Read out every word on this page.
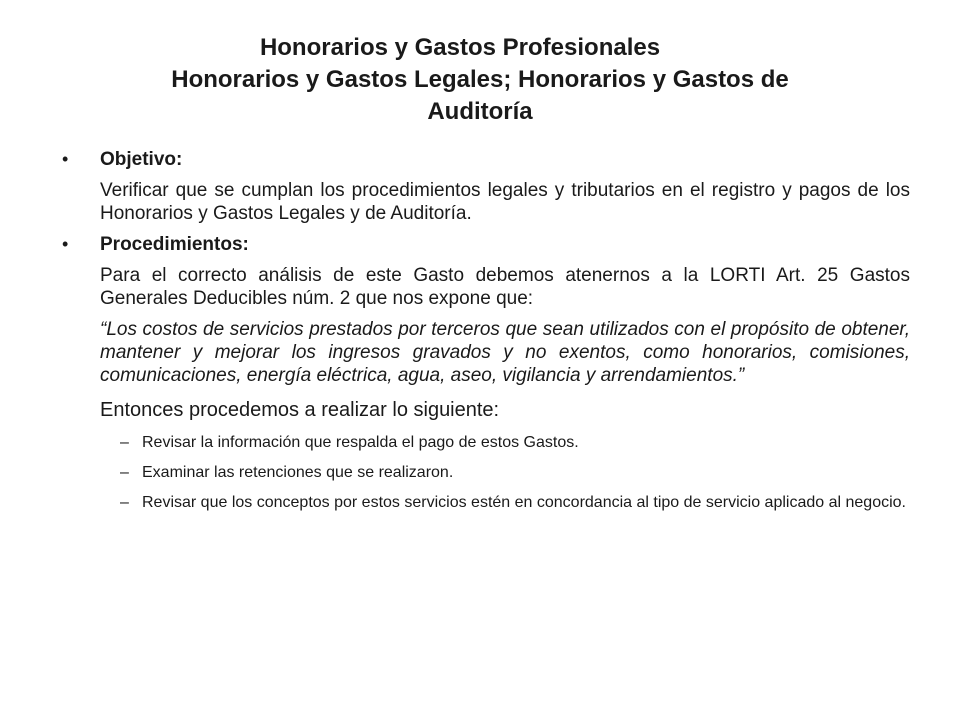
Honorarios y Gastos Profesionales
Honorarios y Gastos Legales; Honorarios y Gastos de Auditoría
• Objetivo:
Verificar que se cumplan los procedimientos legales y tributarios en el registro y pagos de los Honorarios y Gastos Legales y de Auditoría.
• Procedimientos:
Para el correcto análisis de este Gasto debemos atenernos a la LORTI Art. 25 Gastos Generales Deducibles núm. 2 que nos expone que:
“Los costos de servicios prestados por terceros que sean utilizados con el propósito de obtener, mantener y mejorar los ingresos gravados y no exentos, como honorarios, comisiones, comunicaciones, energía eléctrica, agua, aseo, vigilancia y arrendamientos.”
Entonces procedemos a realizar lo siguiente:
– Revisar la información que respalda el pago de estos Gastos.
– Examinar las retenciones que se realizaron.
– Revisar que los conceptos por estos servicios estén en concordancia al tipo de servicio aplicado al negocio.
